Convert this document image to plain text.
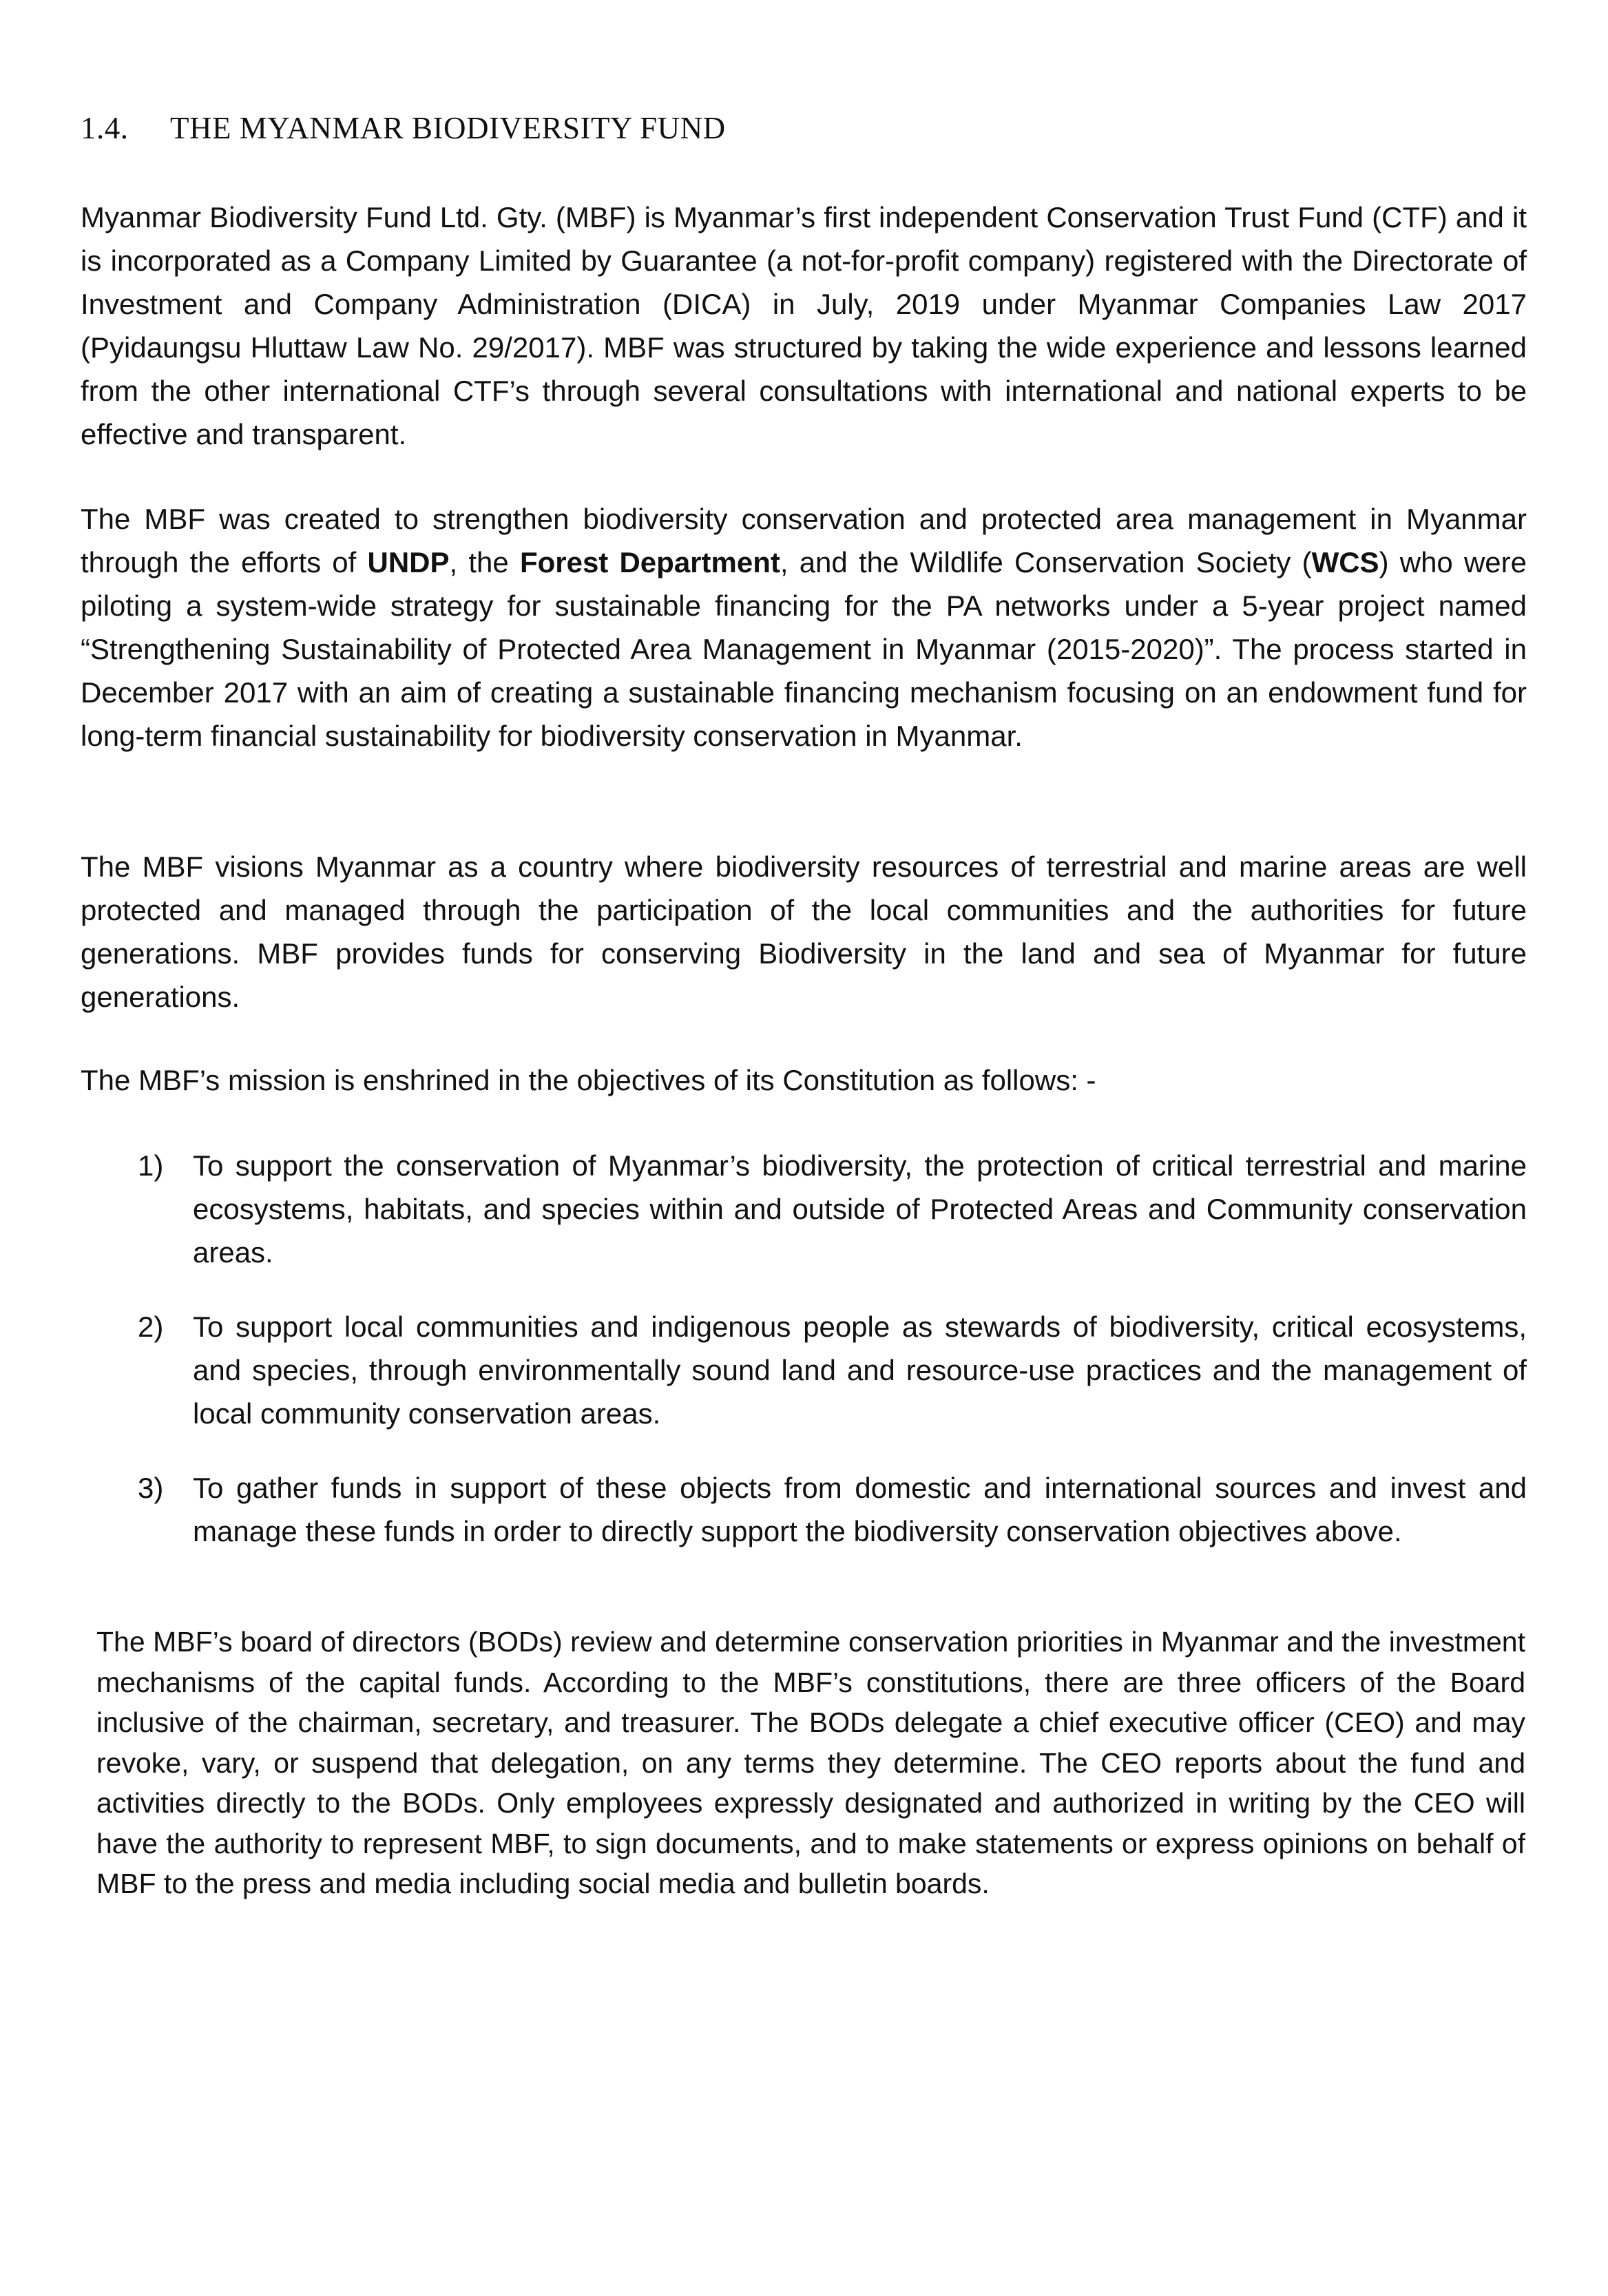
1.4. THE MYANMAR BIODIVERSITY FUND

Myanmar Biodiversity Fund Ltd. Gty. (MBF) is Myanmar’s first independent Conservation Trust Fund (CTF) and it is incorporated as a Company Limited by Guarantee (a not-for-profit company) registered with the Directorate of Investment and Company Administration (DICA) in July, 2019 under Myanmar Companies Law 2017 (Pyidaungsu Hluttaw Law No. 29/2017). MBF was structured by taking the wide experience and lessons learned from the other international CTF’s through several consultations with international and national experts to be effective and transparent.

The MBF was created to strengthen biodiversity conservation and protected area management in Myanmar through the efforts of UNDP, the Forest Department, and the Wildlife Conservation Society (WCS) who were piloting a system-wide strategy for sustainable financing for the PA networks under a 5-year project named “Strengthening Sustainability of Protected Area Management in Myanmar (2015-2020)”. The process started in December 2017 with an aim of creating a sustainable financing mechanism focusing on an endowment fund for long-term financial sustainability for biodiversity conservation in Myanmar.

The MBF visions Myanmar as a country where biodiversity resources of terrestrial and marine areas are well protected and managed through the participation of the local communities and the authorities for future generations. MBF provides funds for conserving Biodiversity in the land and sea of Myanmar for future generations.

The MBF’s mission is enshrined in the objectives of its Constitution as follows: -

1)	To support the conservation of Myanmar’s biodiversity, the protection of critical terrestrial and marine ecosystems, habitats, and species within and outside of Protected Areas and Community conservation areas.
2)	To support local communities and indigenous people as stewards of biodiversity, critical ecosystems, and species, through environmentally sound land and resource-use practices and the management of local community conservation areas.
3)	To gather funds in support of these objects from domestic and international sources and invest and manage these funds in order to directly support the biodiversity conservation objectives above.

The MBF’s board of directors (BODs) review and determine conservation priorities in Myanmar and the investment mechanisms of the capital funds. According to the MBF’s constitutions, there are three officers of the Board inclusive of the chairman, secretary, and treasurer. The BODs delegate a chief executive officer (CEO) and may revoke, vary, or suspend that delegation, on any terms they determine. The CEO reports about the fund and activities directly to the BODs. Only employees expressly designated and authorized in writing by the CEO will have the authority to represent MBF, to sign documents, and to make statements or express opinions on behalf of MBF to the press and media including social media and bulletin boards.
